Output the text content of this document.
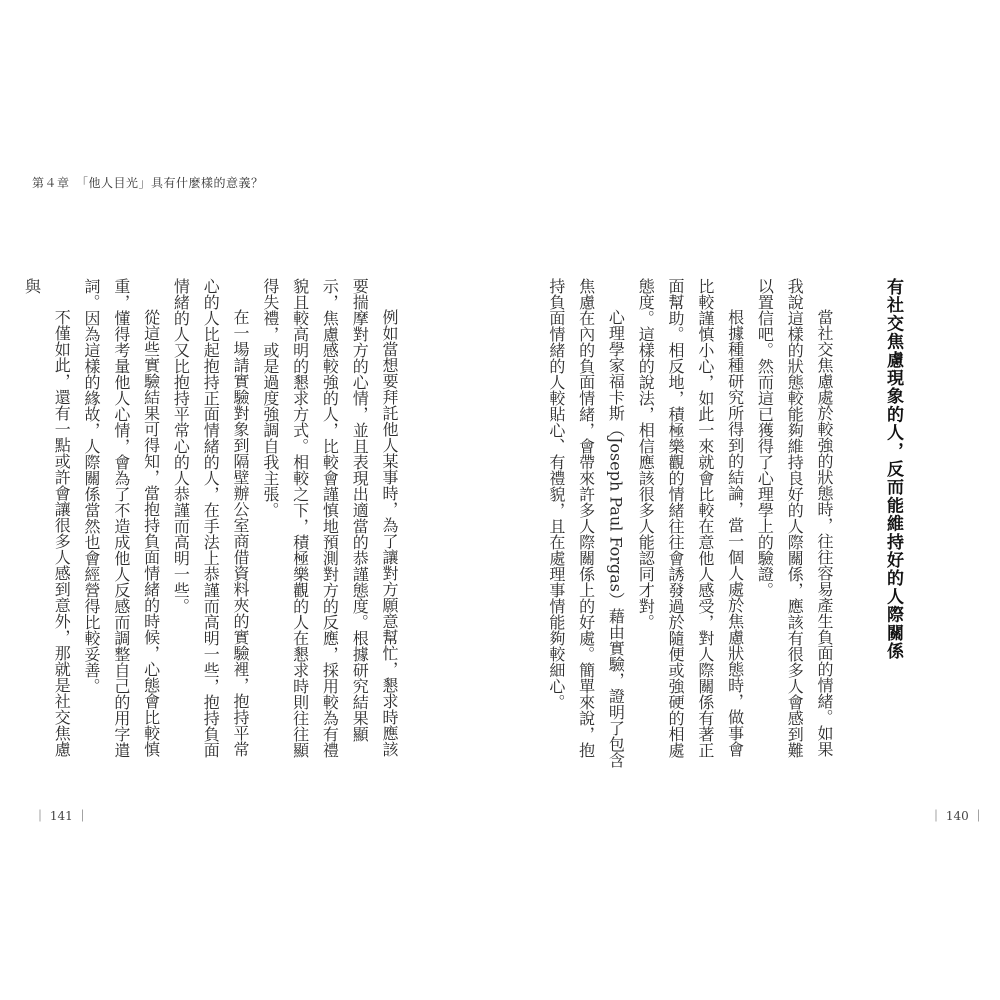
第４章　「他人目光」具有什麼樣的意義？

例如當想要拜託他人某事時，為了讓對方願意幫忙，懇求時應該要揣摩對方的心情，並且表現出適當的恭謹態度。根據研究結果顯示，焦慮感較強的人，比較會謹慎地預測對方的反應，採用較為有禮貌且較高明的懇求方式。相較之下，積極樂觀的人在懇求時則往往顯得失禮，或是過度強調自我主張。

在一場請實驗對象到隔壁辦公室商借資料夾的實驗裡，抱持平常心的人比起抱持正面情緒的人，在手法上恭謹而高明一些，抱持負面情緒的人又比抱持平常心的人恭謹而高明一些。

從這些實驗結果可得知，當抱持負面情緒的時候，心態會比較慎重，懂得考量他人心情，會為了不造成他人反感而調整自己的用字遣詞。因為這樣的緣故，人際關係當然也會經營得比較妥善。

不僅如此，還有一點或許會讓很多人感到意外，那就是社交焦慮與

｜ 141 ｜
有社交焦慮現象的人，反而能維持好的人際關係

當社交焦慮處於較強的狀態時，往往容易產生負面的情緒。如果我說這樣的狀態較能夠維持良好的人際關係，應該有很多人會感到難以置信吧。然而這已獲得了心理學上的驗證。

根據種種研究所得到的結論，當一個人處於焦慮狀態時，做事會比較謹慎小心，如此一來就會比較在意他人感受，對人際關係有著正面幫助。相反地，積極樂觀的情緒往往會誘發過於隨便或強硬的相處態度。這樣的說法，相信應該很多人能認同才對。

心理學家福卡斯（Joseph Paul Forgas）藉由實驗，證明了包含焦慮在內的負面情緒，會帶來許多人際關係上的好處。簡單來說，抱持負面情緒的人較貼心、有禮貌，且在處理事情能夠較細心。

｜ 140 ｜
